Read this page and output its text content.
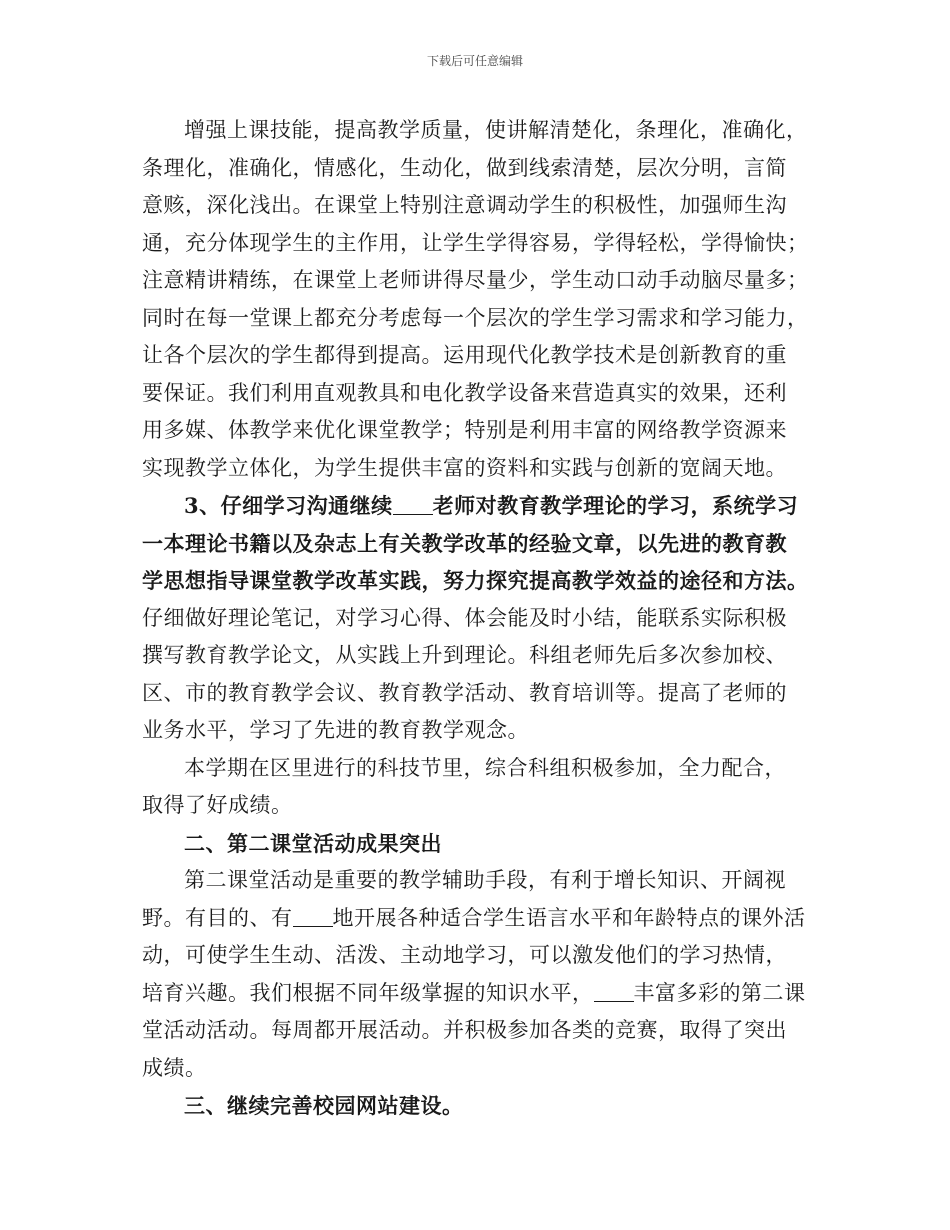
下载后可任意编辑
增强上课技能，提高教学质量，使讲解清楚化，条理化，准确化，
条理化，准确化，情感化，生动化，做到线索清楚，层次分明，言简
意赅，深化浅出。在课堂上特别注意调动学生的积极性，加强师生沟
通，充分体现学生的主作用，让学生学得容易，学得轻松，学得愉快；
注意精讲精练，在课堂上老师讲得尽量少，学生动口动手动脑尽量多；
同时在每一堂课上都充分考虑每一个层次的学生学习需求和学习能力，
让各个层次的学生都得到提高。运用现代化教学技术是创新教育的重
要保证。我们利用直观教具和电化教学设备来营造真实的效果，还利
用多媒、体教学来优化课堂教学；特别是利用丰富的网络教学资源来
实现教学立体化，为学生提供丰富的资料和实践与创新的宽阔天地。
3、仔细学习沟通继续 老师对教育教学理论的学习，系统学习
一本理论书籍以及杂志上有关教学改革的经验文章，以先进的教育教
学思想指导课堂教学改革实践，努力探究提高教学效益的途径和方法。
仔细做好理论笔记，对学习心得、体会能及时小结，能联系实际积极
撰写教育教学论文，从实践上升到理论。科组老师先后多次参加校、
区、市的教育教学会议、教育教学活动、教育培训等。提高了老师的
业务水平，学习了先进的教育教学观念。
本学期在区里进行的科技节里，综合科组积极参加，全力配合，
取得了好成绩。
二、第二课堂活动成果突出
第二课堂活动是重要的教学辅助手段，有利于增长知识、开阔视
野。有目的、有 地开展各种适合学生语言水平和年龄特点的课外活
动，可使学生生动、活泼、主动地学习，可以激发他们的学习热情，
培育兴趣。我们根据不同年级掌握的知识水平， 丰富多彩的第二课
堂活动活动。每周都开展活动。并积极参加各类的竞赛，取得了突出
成绩。
三、继续完善校园网站建设。
